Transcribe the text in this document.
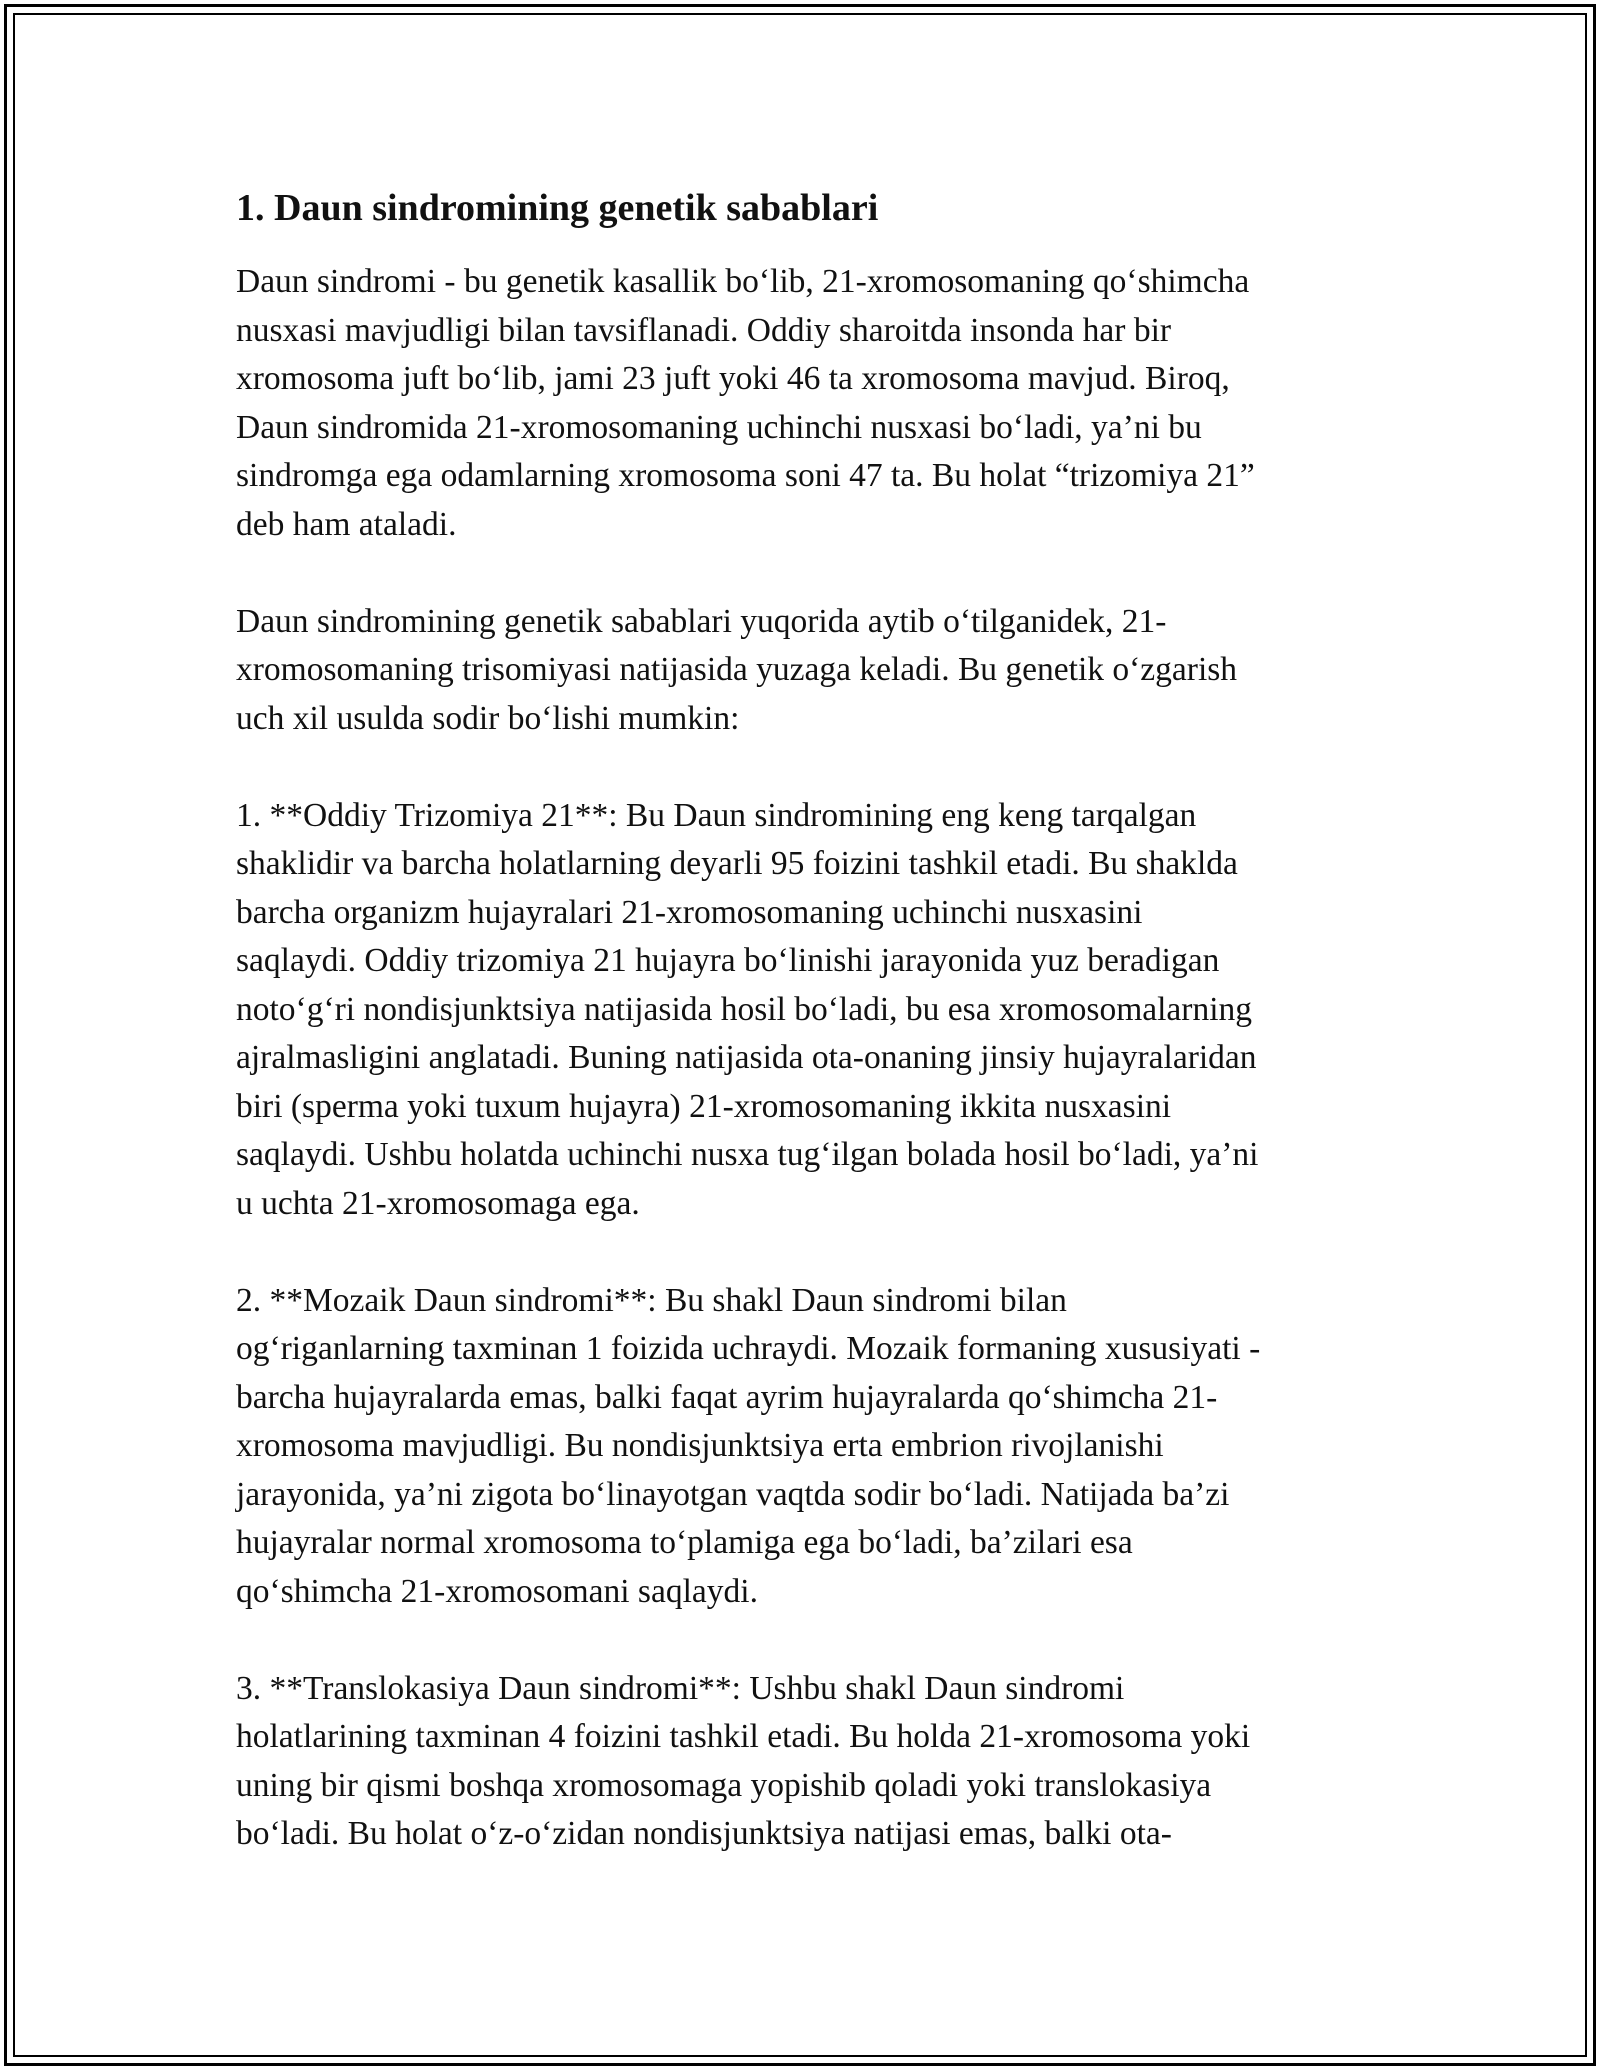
1. Daun sindromining genetik sabablari
Daun sindromi - bu genetik kasallik bo‘lib, 21-xromosomaning qo‘shimcha
nusxasi mavjudligi bilan tavsiflanadi. Oddiy sharoitda insonda har bir
xromosoma juft bo‘lib, jami 23 juft yoki 46 ta xromosoma mavjud. Biroq,
Daun sindromida 21-xromosomaning uchinchi nusxasi bo‘ladi, ya’ni bu
sindromga ega odamlarning xromosoma soni 47 ta. Bu holat “trizomiya 21”
deb ham ataladi.
Daun sindromining genetik sabablari yuqorida aytib o‘tilganidek, 21-
xromosomaning trisomiyasi natijasida yuzaga keladi. Bu genetik o‘zgarish
uch xil usulda sodir bo‘lishi mumkin:
1. **Oddiy Trizomiya 21**: Bu Daun sindromining eng keng tarqalgan
shaklidir va barcha holatlarning deyarli 95 foizini tashkil etadi. Bu shaklda
barcha organizm hujayralari 21-xromosomaning uchinchi nusxasini
saqlaydi. Oddiy trizomiya 21 hujayra bo‘linishi jarayonida yuz beradigan
noto‘g‘ri nondisjunktsiya natijasida hosil bo‘ladi, bu esa xromosomalarning
ajralmasligini anglatadi. Buning natijasida ota-onaning jinsiy hujayralaridan
biri (sperma yoki tuxum hujayra) 21-xromosomaning ikkita nusxasini
saqlaydi. Ushbu holatda uchinchi nusxa tug‘ilgan bolada hosil bo‘ladi, ya’ni
u uchta 21-xromosomaga ega.
2. **Mozaik Daun sindromi**: Bu shakl Daun sindromi bilan
og‘riganlarning taxminan 1 foizida uchraydi. Mozaik formaning xususiyati -
barcha hujayralarda emas, balki faqat ayrim hujayralarda qo‘shimcha 21-
xromosoma mavjudligi. Bu nondisjunktsiya erta embrion rivojlanishi
jarayonida, ya’ni zigota bo‘linayotgan vaqtda sodir bo‘ladi. Natijada ba’zi
hujayralar normal xromosoma to‘plamiga ega bo‘ladi, ba’zilari esa
qo‘shimcha 21-xromosomani saqlaydi.
3. **Translokasiya Daun sindromi**: Ushbu shakl Daun sindromi
holatlarining taxminan 4 foizini tashkil etadi. Bu holda 21-xromosoma yoki
uning bir qismi boshqa xromosomaga yopishib qoladi yoki translokasiya
bo‘ladi. Bu holat o‘z-o‘zidan nondisjunktsiya natijasi emas, balki ota-
